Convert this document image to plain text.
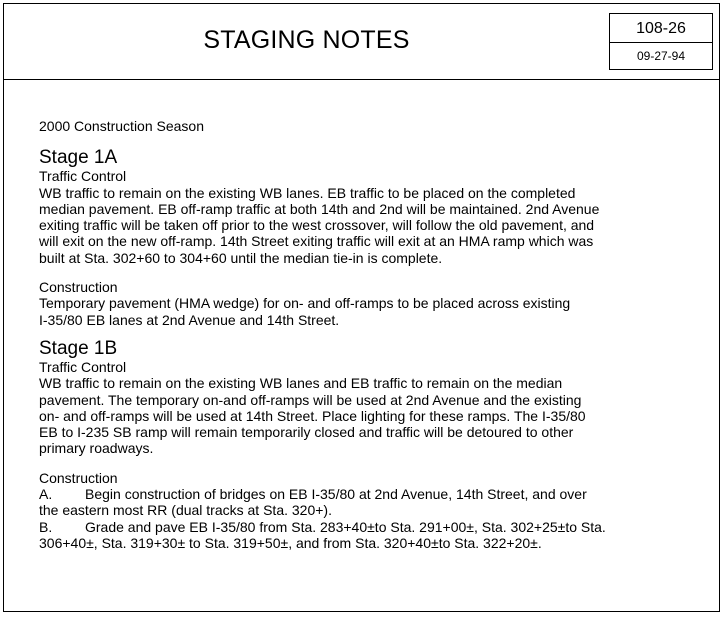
STAGING NOTES	108-26
09-27-94

2000 Construction Season

Stage 1A

Traffic Control

WB traffic to remain on the existing WB lanes. EB traffic to be placed on the completed

median pavement. EB off-ramp traffic at both 14th and 2nd will be maintained. 2nd Avenue

exiting traffic will be taken off prior to the west crossover, will follow the old pavement, and

will exit on the new off-ramp. 14th Street exiting traffic will exit at an HMA ramp which was

built at Sta. 302+60 to 304+60 until the median tie-in is complete.

Construction

Temporary pavement (HMA wedge) for on- and off-ramps to be placed across existing

I-35/80 EB lanes at 2nd Avenue and 14th Street.

Stage 1B

Traffic Control

WB traffic to remain on the existing WB lanes and EB traffic to remain on the median

pavement. The temporary on-and off-ramps will be used at 2nd Avenue and the existing

on- and off-ramps will be used at 14th Street. Place lighting for these ramps. The I-35/80

EB to I-235 SB ramp will remain temporarily closed and traffic will be detoured to other

primary roadways.

Construction

A.	Begin construction of bridges on EB I-35/80 at 2nd Avenue, 14th Street, and over

the eastern most RR (dual tracks at Sta. 320+).

B.	Grade and pave EB I-35/80 from Sta. 283+40±to Sta. 291+00±, Sta. 302+25±to Sta.

306+40±, Sta. 319+30± to Sta. 319+50±, and from Sta. 320+40±to Sta. 322+20±.
